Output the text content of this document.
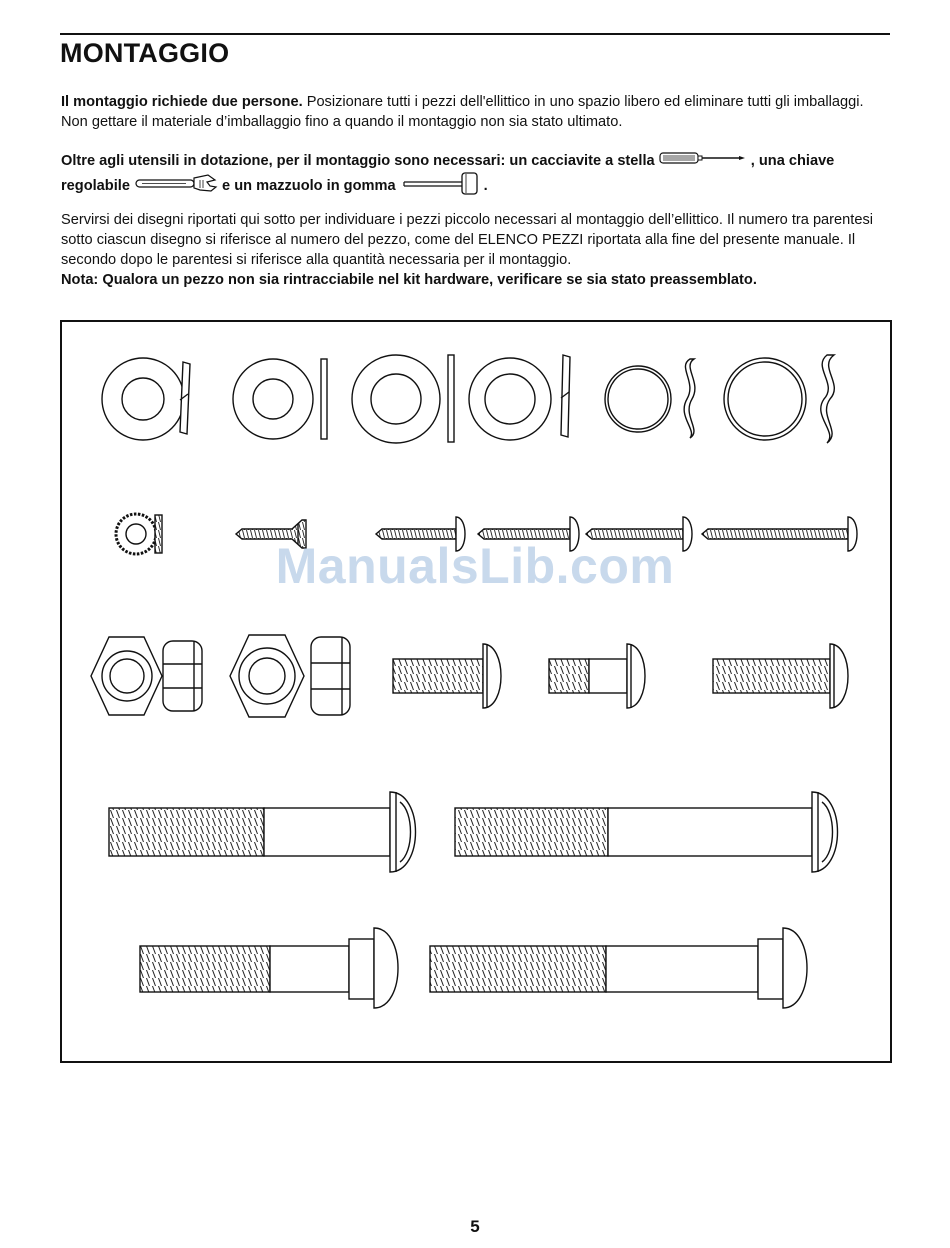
MONTAGGIO

Il montaggio richiede due persone. Posizionare tutti i pezzi dell'ellittico in uno spazio libero ed eliminare tutti gli imballaggi. Non gettare il materiale d’imballaggio fino a quando il montaggio non sia stato ultimato.

Oltre agli utensili in dotazione, per il montaggio sono necessari: un cacciavite a stella	, una chiave regolabile	e un mazzuolo in gomma	.

Servirsi dei disegni riportati qui sotto per individuare i pezzi piccolo necessari al montaggio dell’ellittico. Il numero tra parentesi sotto ciascun disegno si riferisce al numero del pezzo, come del ELENCO PEZZI riportata alla fine del presente manuale. Il secondo dopo le parentesi si riferisce alla quantità necessaria per il montaggio.
Nota: Qualora un pezzo non sia rintracciabile nel kit hardware, verificare se sia stato preassemblato.

ManualsLib.com
5
